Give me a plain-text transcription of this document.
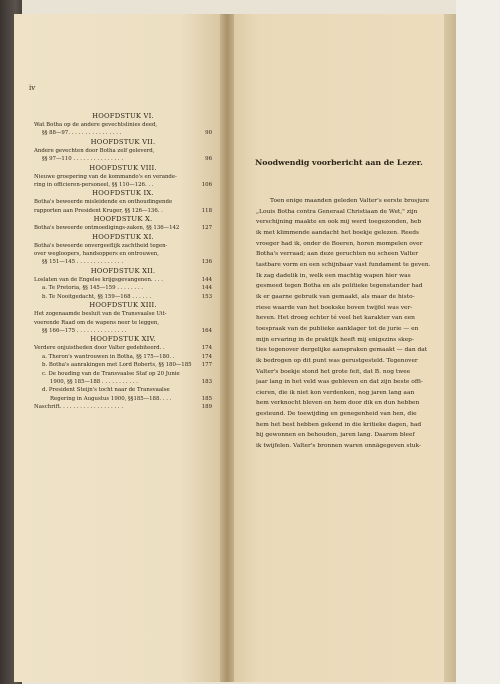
iv
HOOFDSTUK VI.
Wat Botha op de andere gevechtslinies deed,
§§ 88—97. . . . . . . . . . . . . . . .	90
HOOFDSTUK VII.
Andere gevechten door Botha zelf geleverd,
§§ 97—110 . . . . . . . . . . . . . . .	96
HOOFDSTUK VIII.
Nieuwe groepering van de kommando's en verande-
ring in officieren-personeel, §§ 110—126. . .	106
HOOFDSTUK IX.
Botha's beweerde misleidende en onthoudingende
rapporten aan President Kruger, §§ 126—136. .	118
HOOFDSTUK X.
Botha's beweerde ontmoedigings-zaken, §§ 136—142	127
HOOFDSTUK XI.
Botha's beweerde onvergeeflijk zachtheid tegen-
over wegloopers, handsoppers en ontrouwen,
§§ 151—145 . . . . . . . . . . . . . .	136
HOOFDSTUK XII.
Loslaten van de Engelse krijgsgevangenen. . . .	144
a. Te Pretoria, §§ 145—159 . . . . . . . .	144
b. Te Nooitgedacht, §§ 159—168 . . . . . .	153
HOOFDSTUK XIII.
Het zogenaamde besluit van de Transvaalse Uit-
voerende Raad om de wapens neer te leggen,
§§ 166—175 . . . . . . . . . . . . . . .	164
HOOFDSTUK XIV.
Verdere onjuistheden door Valter gedebiteerd. .	174
a. Theron's wantrouwen in Botha, §§ 175—180. .	174
b. Botha's aanrakingen met Lord Roberts, §§ 180—185	177
c. De houding van de Transvaalse Staf op 20 Junie
1900, §§ 185—188 . . . . . . . . . . .	183
d. President Steijn's tocht naar de Transvaalse
Regering in Augustus 1900, §§185—188. . . .	185
Naschrift. . . . . . . . . . . . . . . . . . .	189
Noodwendig voorbericht aan de Lezer.
Toen enige maanden geleden Valter's eerste brosjure
„Louis Botha contra Generaal Christiaan de Wet," zijn
verschijning maakte en ook mij werd toegezonden, heb
ik met klimmende aandacht het boekje gelezen. Reeds
vroeger had ik, onder de Boeren, horen mompelen over
Botha's verraad; aan deze geruchten nu scheen Valter
tastbare vorm en een schijnbaar vast fundament te geven.
Ik zag dadelik in, welk een machtig wapen hier was
gesmeed tegen Botha en als politieke tegenstander had
ik er gaarne gebruik van gemaakt, als maar de histo-
riese waarde van het boekske boven twijfel was ver-
heven. Het droeg echter té veel het karakter van een
toespraak van de publieke aanklager tot de jurie — en
mijn ervaring in de praktijk heeft mij enigszins skep-
ties tegenover dergelijke aanspraken gemaakt — dan dat
ik bedrogen op dit punt was gerustgesteld. Tegenover
Valter's boekje stond het grote feit, dat B. nog twee
jaar lang in het veld was gebleven en dat zijn beste offi-
cieren, die ik niet kon verdenken, nog jaren lang aan
hem verknocht bleven en hem door dik en dun hebben
gesteund. De toewijding en genegenheid van hen, die
hem het best hebben gekend in die kritieke dagen, had
hij gewonnen en behouden, jaren lang. Daarom bleef
ik twijfelen. Valter's bronnen waren onnägegeven stuk-
